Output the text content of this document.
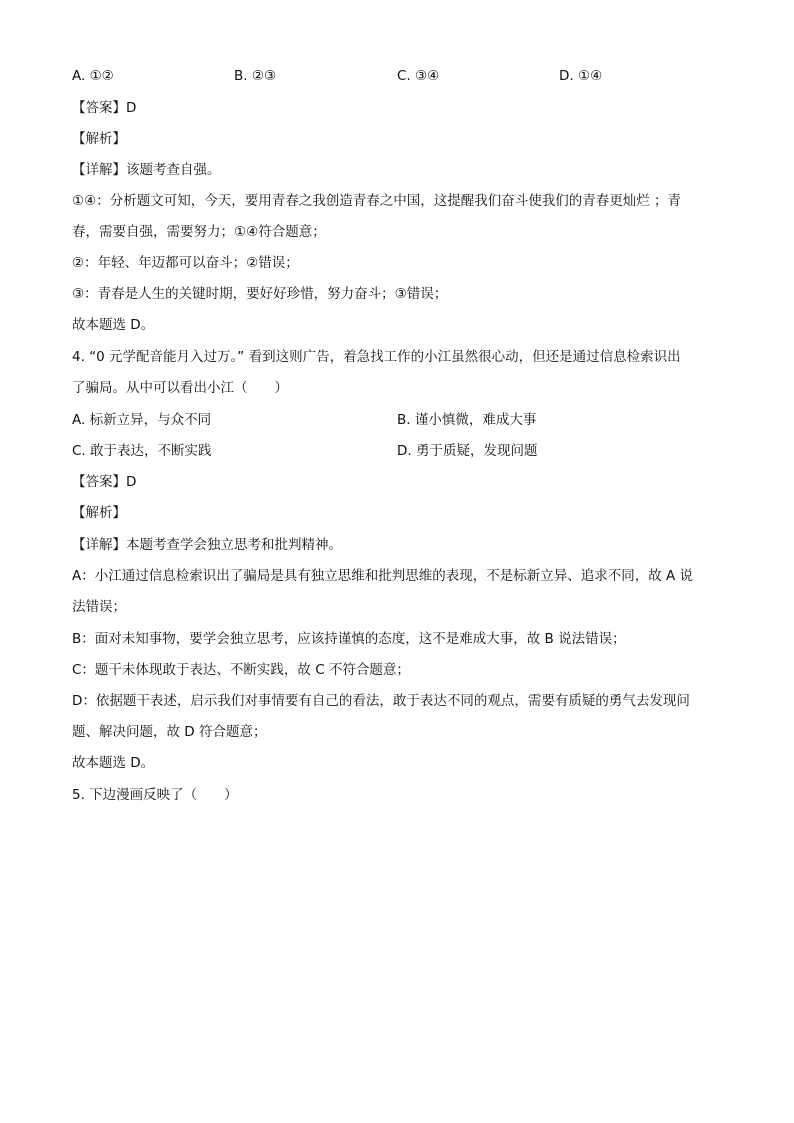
A. ①②	B. ②③	C. ③④	D. ①④
【答案】D
【解析】
【详解】该题考查自强。
①④：分析题文可知，今天，要用青春之我创造青春之中国，这提醒我们奋斗使我们的青春更灿烂 ；青
春，需要自强，需要努力；①④符合题意；
②：年轻、年迈都可以奋斗；②错误；
③：青春是人生的关键时期，要好好珍惜，努力奋斗；③错误；
故本题选 D。
4. “0 元学配音能月入过万。” 看到这则广告，着急找工作的小江虽然很心动，但还是通过信息检索识出
了骗局。从中可以看出小江（　　）
A. 标新立异，与众不同	B. 谨小慎微，难成大事
C. 敢于表达，不断实践	D. 勇于质疑，发现问题
【答案】D
【解析】
【详解】本题考查学会独立思考和批判精神。
A：小江通过信息检索识出了骗局是具有独立思维和批判思维的表现，不是标新立异、追求不同，故 A 说
法错误；
B：面对未知事物，要学会独立思考，应该持谨慎的态度，这不是难成大事，故 B 说法错误；
C：题干未体现敢于表达、不断实践，故 C 不符合题意；
D：依据题干表述，启示我们对事情要有自己的看法，敢于表达不同的观点，需要有质疑的勇气去发现问
题、解决问题，故 D 符合题意；
故本题选 D。
5. 下边漫画反映了（　　）
